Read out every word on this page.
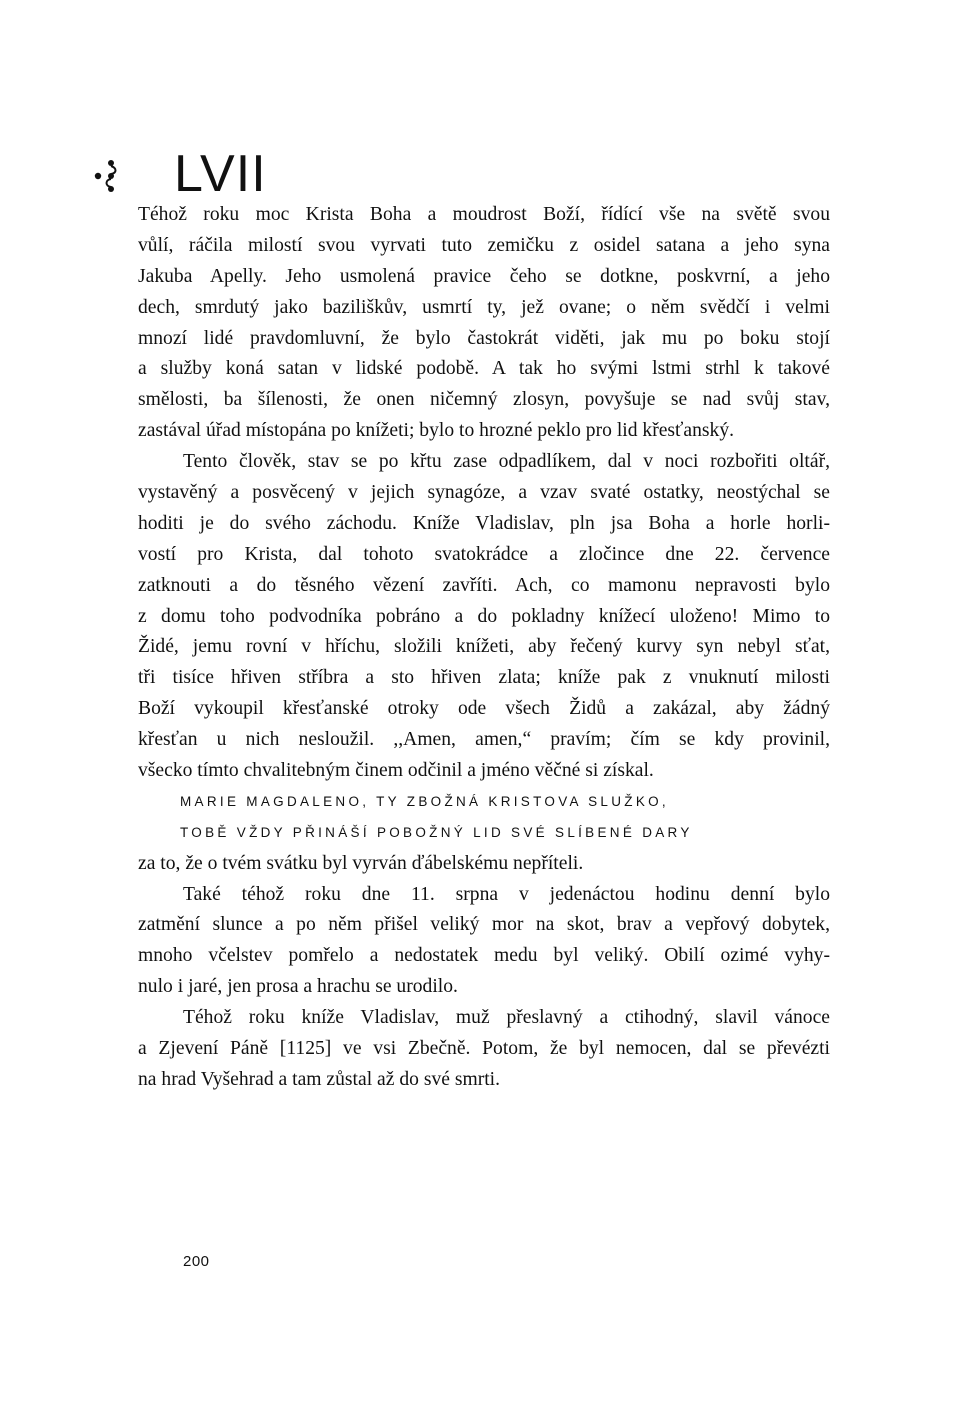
LVII
Téhož roku moc Krista Boha a moudrost Boží, řídící vše na světě svou
vůlí, ráčila milostí svou vyrvati tuto zemičku z osidel satana a jeho syna
Jakuba Apelly. Jeho usmolená pravice čeho se dotkne, poskvrní, a jeho
dech, smrdutý jako baziliškův, usmrtí ty, jež ovane; o něm svědčí i velmi
mnozí lidé pravdomluvní, že bylo častokrát viděti, jak mu po boku stojí
a služby koná satan v lidské podobě. A tak ho svými lstmi strhl k takové
smělosti, ba šílenosti, že onen ničemný zlosyn, povyšuje se nad svůj stav,
zastával úřad místopána po knížeti; bylo to hrozné peklo pro lid křesťanský.
Tento člověk, stav se po křtu zase odpadlíkem, dal v noci rozbořiti oltář,
vystavěný a posvěcený v jejich synagóze, a vzav svaté ostatky, neostýchal se
hoditi je do svého záchodu. Kníže Vladislav, pln jsa Boha a horle horli-
vostí pro Krista, dal tohoto svatokrádce a zločince dne 22. července
zatknouti a do těsného vězení zavříti. Ach, co mamonu nepravosti bylo
z domu toho podvodníka pobráno a do pokladny knížecí uloženo! Mimo to
Židé, jemu rovní v hříchu, složili knížeti, aby řečený kurvy syn nebyl sťat,
tři tisíce hřiven stříbra a sto hřiven zlata; kníže pak z vnuknutí milosti
Boží vykoupil křesťanské otroky ode všech Židů a zakázal, aby žádný
křesťan u nich nesloužil. ,,Amen, amen,“ pravím; čím se kdy provinil,
všecko tímto chvalitebným činem odčinil a jméno věčné si získal.
MARIE MAGDALENO, TY ZBOŽNÁ KRISTOVA SLUŽKO,
TOBĚ VŽDY PŘINÁŠÍ POBOŽNÝ LID SVÉ SLÍBENÉ DARY
za to, že o tvém svátku byl vyrván ďábelskému nepříteli.
Také téhož roku dne 11. srpna v jedenáctou hodinu denní bylo
zatmění slunce a po něm přišel veliký mor na skot, brav a vepřový dobytek,
mnoho včelstev pomřelo a nedostatek medu byl veliký. Obilí ozimé vyhy-
nulo i jaré, jen prosa a hrachu se urodilo.
Téhož roku kníže Vladislav, muž přeslavný a ctihodný, slavil vánoce
a Zjevení Páně [1125] ve vsi Zbečně. Potom, že byl nemocen, dal se převézti
na hrad Vyšehrad a tam zůstal až do své smrti.
200
